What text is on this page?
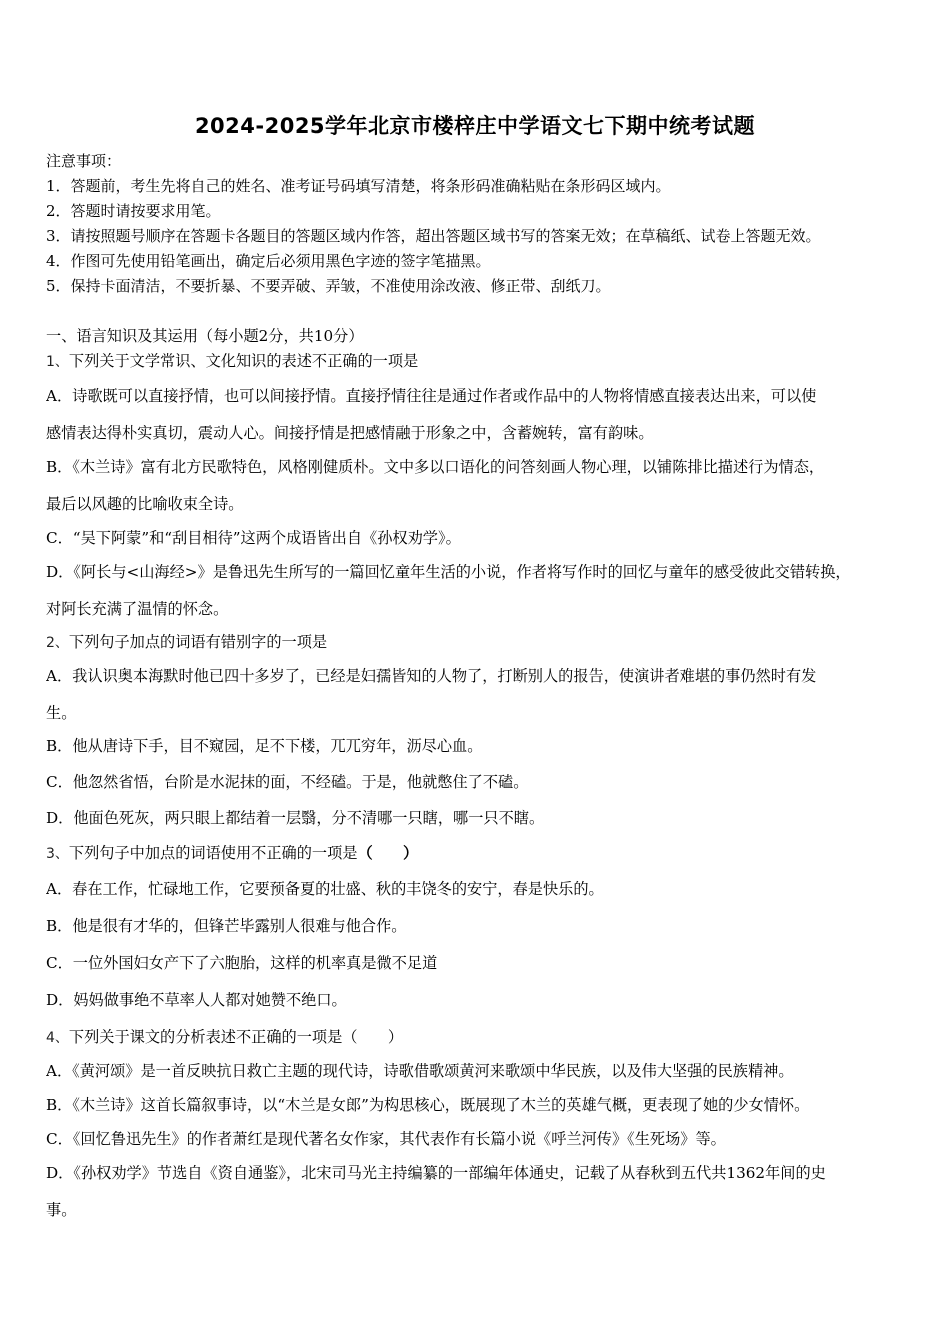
2024-2025学年北京市楼梓庄中学语文七下期中统考试题
注意事项：
1．答题前，考生先将自己的姓名、准考证号码填写清楚，将条形码准确粘贴在条形码区域内。
2．答题时请按要求用笔。
3．请按照题号顺序在答题卡各题目的答题区域内作答，超出答题区域书写的答案无效；在草稿纸、试卷上答题无效。
4．作图可先使用铅笔画出，确定后必须用黑色字迹的签字笔描黑。
5．保持卡面清洁，不要折暴、不要弄破、弄皱，不准使用涂改液、修正带、刮纸刀。
一、语言知识及其运用（每小题2分，共10分）
1、下列关于文学常识、文化知识的表述不正确的一项是
A．诗歌既可以直接抒情，也可以间接抒情。直接抒情往往是通过作者或作品中的人物将情感直接表达出来，可以使
感情表达得朴实真切，震动人心。间接抒情是把感情融于形象之中，含蓄婉转，富有韵味。
B．《木兰诗》富有北方民歌特色，风格刚健质朴。文中多以口语化的问答刻画人物心理，以铺陈排比描述行为情态，
最后以风趣的比喻收束全诗。
C．“吴下阿蒙”和“刮目相待”这两个成语皆出自《孙权劝学》。
D．《阿长与<山海经>》是鲁迅先生所写的一篇回忆童年生活的小说，作者将写作时的回忆与童年的感受彼此交错转换，
对阿长充满了温情的怀念。
2、下列句子加点的词语有错别字的一项是
A．我认识奥本海默时他已四十多岁了，已经是妇孺皆知的人物了，打断别人的报告，使演讲者难堪的事仍然时有发
生。
B．他从唐诗下手，目不窥园，足不下楼，兀兀穷年，沥尽心血。
C．他忽然省悟，台阶是水泥抹的面，不经磕。于是，他就憋住了不磕。
D．他面色死灰，两只眼上都结着一层翳，分不清哪一只瞎，哪一只不瞎。
3、下列句子中加点的词语使用不正确的一项是（　　）
A．春在工作，忙碌地工作，它要预备夏的壮盛、秋的丰饶冬的安宁，春是快乐的。
B．他是很有才华的，但锋芒毕露别人很难与他合作。
C．一位外国妇女产下了六胞胎，这样的机率真是微不足道
D．妈妈做事绝不草率人人都对她赞不绝口。
4、下列关于课文的分析表述不正确的一项是（　　）
A．《黄河颂》是一首反映抗日救亡主题的现代诗，诗歌借歌颂黄河来歌颂中华民族，以及伟大坚强的民族精神。
B．《木兰诗》这首长篇叙事诗，以“木兰是女郎”为构思核心，既展现了木兰的英雄气概，更表现了她的少女情怀。
C．《回忆鲁迅先生》的作者萧红是现代著名女作家，其代表作有长篇小说《呼兰河传》《生死场》等。
D．《孙权劝学》节选自《资自通鉴》，北宋司马光主持编纂的一部编年体通史，记载了从春秋到五代共1362年间的史
事。
